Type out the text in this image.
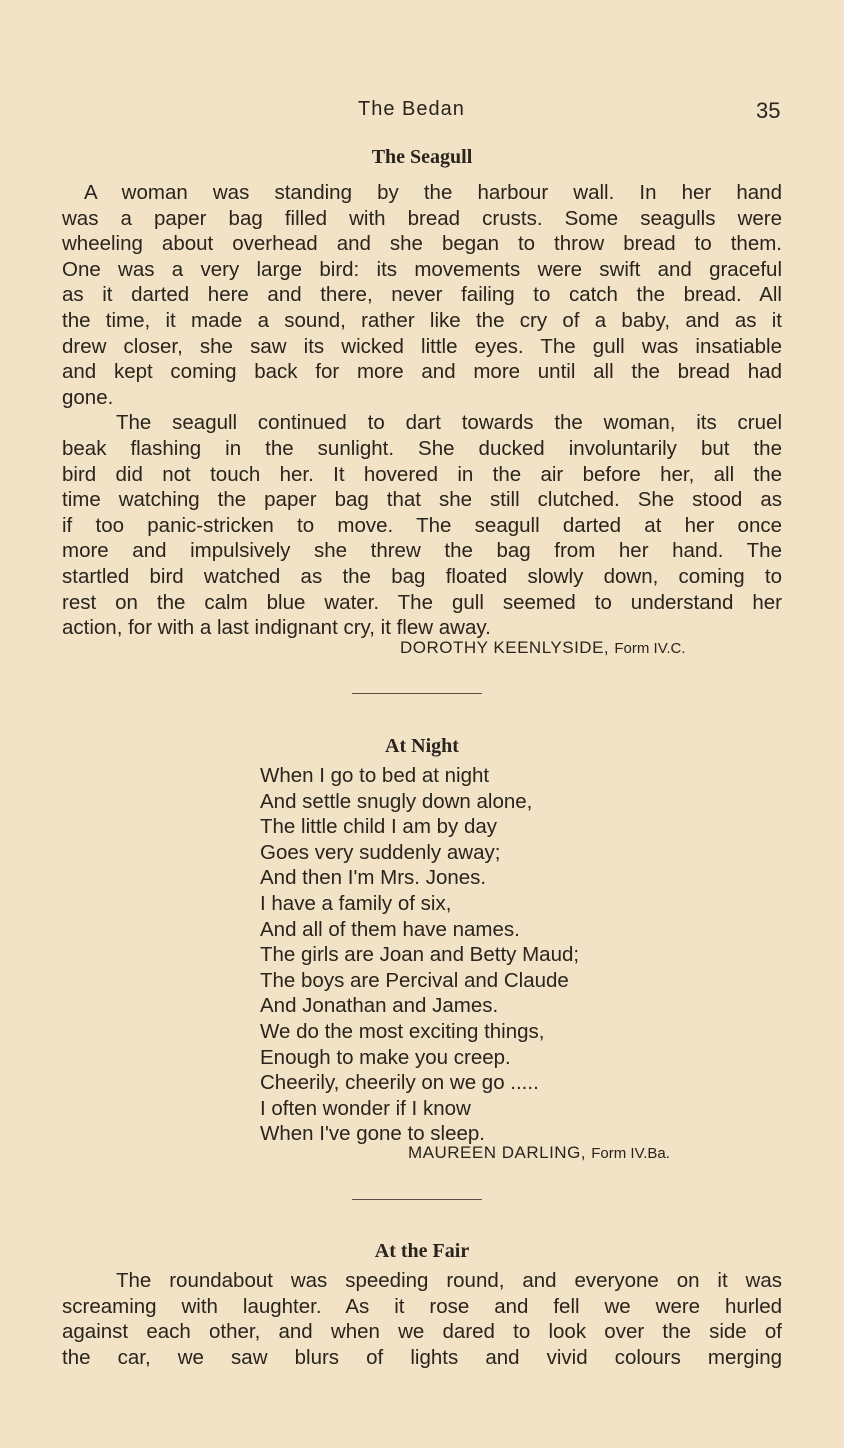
The Bedan	35
The Seagull
A woman was standing by the harbour wall. In her hand
was a paper bag filled with bread crusts. Some seagulls were
wheeling about overhead and she began to throw bread to them.
One was a very large bird: its movements were swift and graceful
as it darted here and there, never failing to catch the bread. All
the time, it made a sound, rather like the cry of a baby, and as it
drew closer, she saw its wicked little eyes. The gull was insatiable
and kept coming back for more and more until all the bread had
gone.
The seagull continued to dart towards the woman, its cruel
beak flashing in the sunlight. She ducked involuntarily but the
bird did not touch her. It hovered in the air before her, all the
time watching the paper bag that she still clutched. She stood as
if too panic-stricken to move. The seagull darted at her once
more and impulsively she threw the bag from her hand. The
startled bird watched as the bag floated slowly down, coming to
rest on the calm blue water. The gull seemed to understand her
action, for with a last indignant cry, it flew away.
DOROTHY KEENLYSIDE, Form IV.C.
At Night
When I go to bed at night
And settle snugly down alone,
The little child I am by day
Goes very suddenly away;
And then I'm Mrs. Jones.
I have a family of six,
And all of them have names.
The girls are Joan and Betty Maud;
The boys are Percival and Claude
And Jonathan and James.
We do the most exciting things,
Enough to make you creep.
Cheerily, cheerily on we go .....
I often wonder if I know
When I've gone to sleep.
MAUREEN DARLING, Form IV.Ba.
At the Fair
The roundabout was speeding round, and everyone on it was
screaming with laughter. As it rose and fell we were hurled
against each other, and when we dared to look over the side of
the car, we saw blurs of lights and vivid colours merging
